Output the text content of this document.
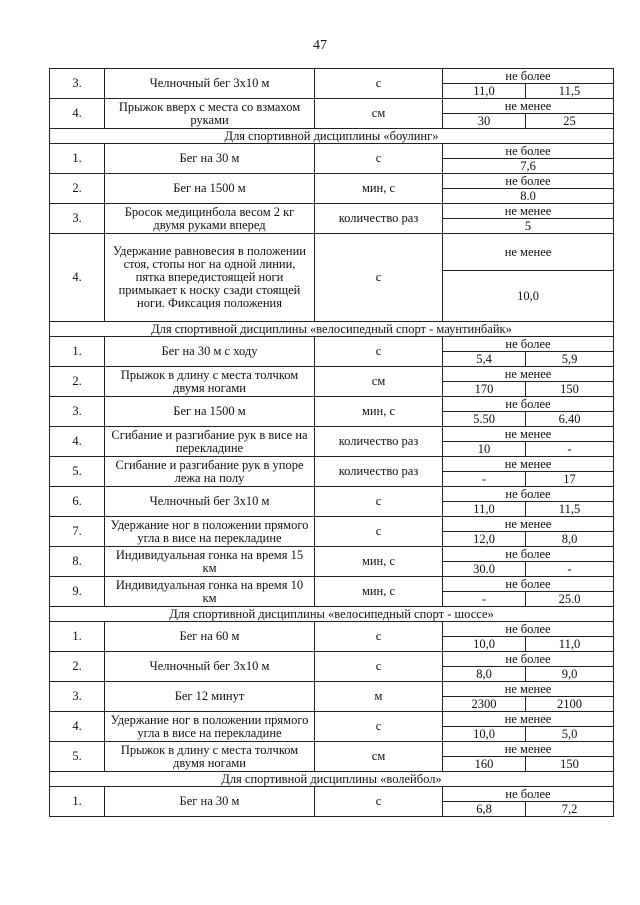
47
3.	Челночный бег 3х10 м	с	не более	
			11,0	11,5
4.	Прыжок вверх с места со взмахом руками	см	не менее	
			30	25
Для спортивной дисциплины «боулинг»				
1.	Бег на 30 м	с	не более	
			7,6	
2.	Бег на 1500 м	мин, с	не более	
			8.0	
3.	Бросок медицинбола весом 2 кг двумя руками вперед	количество раз	не менее	
			5	
4.	Удержание равновесия в положении стоя, стопы ног на одной линии, пятка впередистоящей ноги примыкает к носку сзади стоящей ноги. Фиксация положения	с	не менее	
			10,0	
Для спортивной дисциплины «велосипедный спорт - маунтинбайк»				
1.	Бег на 30 м с ходу	с	не более	
			5,4	5,9
2.	Прыжок в длину с места толчком двумя ногами	см	не менее	
			170	150
3.	Бег на 1500 м	мин, с	не более	
			5.50	6.40
4.	Сгибание и разгибание рук в висе на перекладине	количество раз	не менее	
			10	-
5.	Сгибание и разгибание рук в упоре лежа на полу	количество раз	не менее	
			-	17
6.	Челночный бег 3х10 м	с	не более	
			11,0	11,5
7.	Удержание ног в положении прямого угла в висе на перекладине	с	не менее	
			12,0	8,0
8.	Индивидуальная гонка на время 15 км	мин, с	не более	
			30.0	-
9.	Индивидуальная гонка на время 10 км	мин, с	не более	
			-	25.0
Для спортивной дисциплины «велосипедный спорт - шоссе»				
1.	Бег на 60 м	с	не более	
			10,0	11,0
2.	Челночный бег 3х10 м	с	не более	
			8,0	9,0
3.	Бег 12 минут	м	не менее	
			2300	2100
4.	Удержание ног в положении прямого угла в висе на перекладине	с	не менее	
			10,0	5,0
5.	Прыжок в длину с места толчком двумя ногами	см	не менее	
			160	150
Для спортивной дисциплины «волейбол»				
1.	Бег на 30 м	с	не более	
			6,8	7,2
